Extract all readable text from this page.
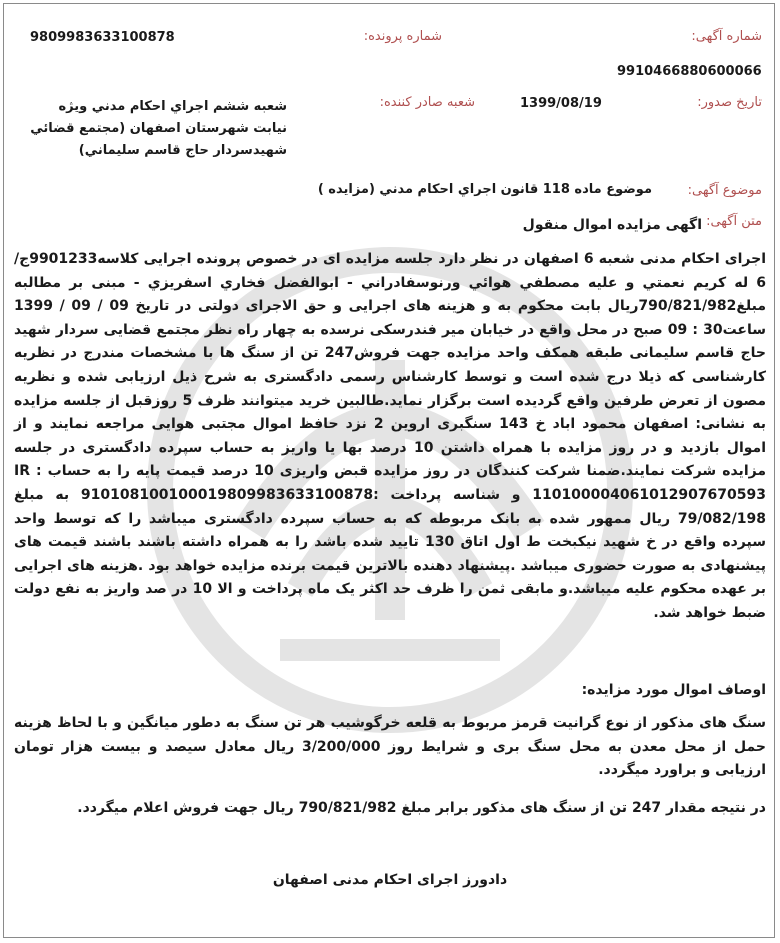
شماره آگهی:
شماره پرونده:
9809983633100878
9910466880600066
تاریخ صدور:
1399/08/19
شعبه صادر کننده:
شعبه ششم اجراي احكام مدني ويژه نيابت شهرستان اصفهان (مجتمع قضائي شهيدسردار حاج قاسم سليماني)
موضوع آگهی:
موضوع ماده 118 قانون اجراي احكام مدني (مزايده )
متن آگهی:
اگهی مزایده اموال منقول
اجرای احکام مدنی شعبه 6 اصفهان در نظر دارد جلسه مزایده ای در خصوص پرونده اجرایی کلاسه9901233ج/ 6 له کريم نعمتي و عليه مصطفي هوائي ورنوسفادراني - ابوالفضل فخاري اسفريزي - مبنی بر مطالبه مبلغ790/821/982ریال بابت محکوم به و هزینه های اجرایی و حق الاجرای دولتی در تاریخ 09 / 09 / 1399 ساعت30 : 09 صبح در محل واقع در خیابان میر فندرسکی نرسده به چهار راه نظر مجتمع قضایی سردار شهید حاج قاسم سلیمانی طبقه همکف واحد مزایده جهت فروش247 تن از سنگ ها با مشخصات مندرج در نظریه کارشناسی که ذیلا درج شده است و توسط کارشناس رسمی دادگستری به شرح ذیل ارزیابی شده و نظریه مصون از تعرض طرفین واقع گردیده است برگزار نماید.طالبین خرید میتوانند ظرف 5 روزقبل از جلسه مزایده به نشانی: اصفهان محمود اباد خ 143 سنگبری اروین 2 نزد حافظ اموال مجتبی هوایی مراجعه نمایند و از اموال بازدید و در روز مزایده با همراه داشتن 10 درصد بها یا واریز به حساب سپرده دادگستری در جلسه مزایده شرکت نمایند.ضمنا شرکت کنندگان در روز مزایده قبض واریزی 10 درصد قیمت پایه را به حساب : IR 110100004061012907670593 و شناسه پرداخت :910108100100019809983633100878 به مبلغ 79/082/198 ریال ممهور شده به بانک مربوطه که به حساب سپرده دادگستری میباشد را که توسط واحد سپرده واقع در خ شهید نیکبخت ط اول اتاق 130 تایید شده باشد را به همراه داشته باشند باشند قیمت های پیشنهادی به صورت حضوری میباشد .پیشنهاد دهنده بالاترین قیمت برنده مزایده خواهد بود .هزینه های اجرایی بر عهده محکوم علیه میباشد.و مابقی ثمن را ظرف حد اکثر یک ماه پرداخت و الا 10 در صد واریز به نفع دولت ضبط خواهد شد.
اوصاف اموال مورد مزایده:
سنگ های مذکور از نوع گرانیت قرمز مربوط به قلعه خرگوشیب هر تن سنگ به دطور میانگین و با لحاظ هزینه حمل از محل معدن به محل سنگ بری و شرایط روز 3/200/000 ریال معادل سیصد و بیست هزار تومان ارزیابی و براورد میگردد.
در نتیجه مقدار 247 تن از سنگ های مذکور برابر مبلغ 790/821/982 ریال جهت فروش اعلام میگردد.
دادورز اجرای احکام مدنی اصفهان
